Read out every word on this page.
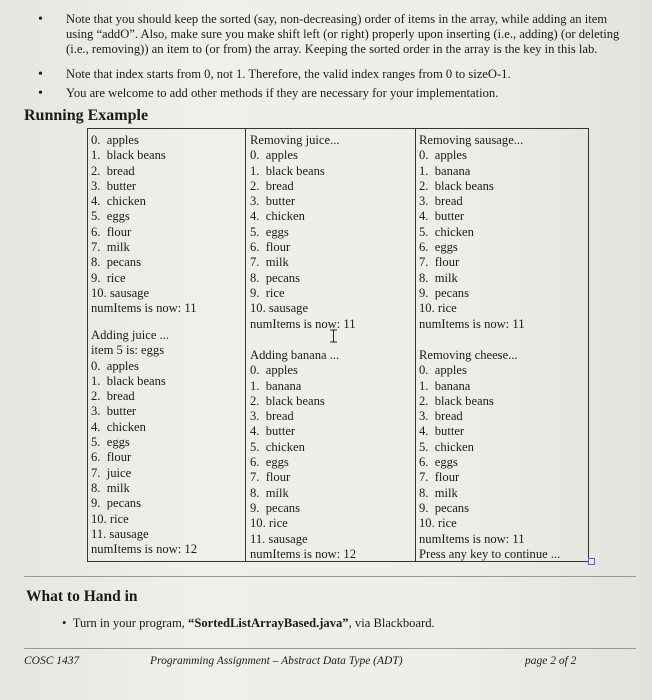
• Note that you should keep the sorted (say, non-decreasing) order of items in the array, while adding an item
using “addO”. Also, make sure you make shift left (or right) properly upon inserting (i.e., adding) (or deleting
(i.e., removing)) an item to (or from) the array. Keeping the sorted order in the array is the key in this lab.
• Note that index starts from 0, not 1. Therefore, the valid index ranges from 0 to sizeO-1.
• You are welcome to add other methods if they are necessary for your implementation.
Running Example
0.  apples
1.  black beans
2.  bread
3.  butter
4.  chicken
5.  eggs
6.  flour
7.  milk
8.  pecans
9.  rice
10. sausage
numItems is now: 11
Adding juice ...
item 5 is: eggs
0.  apples
1.  black beans
2.  bread
3.  butter
4.  chicken
5.  eggs
6.  flour
7.  juice
8.  milk
9.  pecans
10. rice
11. sausage
numItems is now: 12
Removing juice...
0.  apples
1.  black beans
2.  bread
3.  butter
4.  chicken
5.  eggs
6.  flour
7.  milk
8.  pecans
9.  rice
10. sausage
numItems is now: 11
Adding banana ...
0.  apples
1.  banana
2.  black beans
3.  bread
4.  butter
5.  chicken
6.  eggs
7.  flour
8.  milk
9.  pecans
10. rice
11. sausage
numItems is now: 12
Removing sausage...
0.  apples
1.  banana
2.  black beans
3.  bread
4.  butter
5.  chicken
6.  eggs
7.  flour
8.  milk
9.  pecans
10. rice
numItems is now: 11
Removing cheese...
0.  apples
1.  banana
2.  black beans
3.  bread
4.  butter
5.  chicken
6.  eggs
7.  flour
8.  milk
9.  pecans
10. rice
numItems is now: 11
Press any key to continue ...
What to Hand in
•  Turn in your program, “SortedListArrayBased.java”, via Blackboard.
COSC 1437	Programming Assignment – Abstract Data Type (ADT)	page 2 of 2
